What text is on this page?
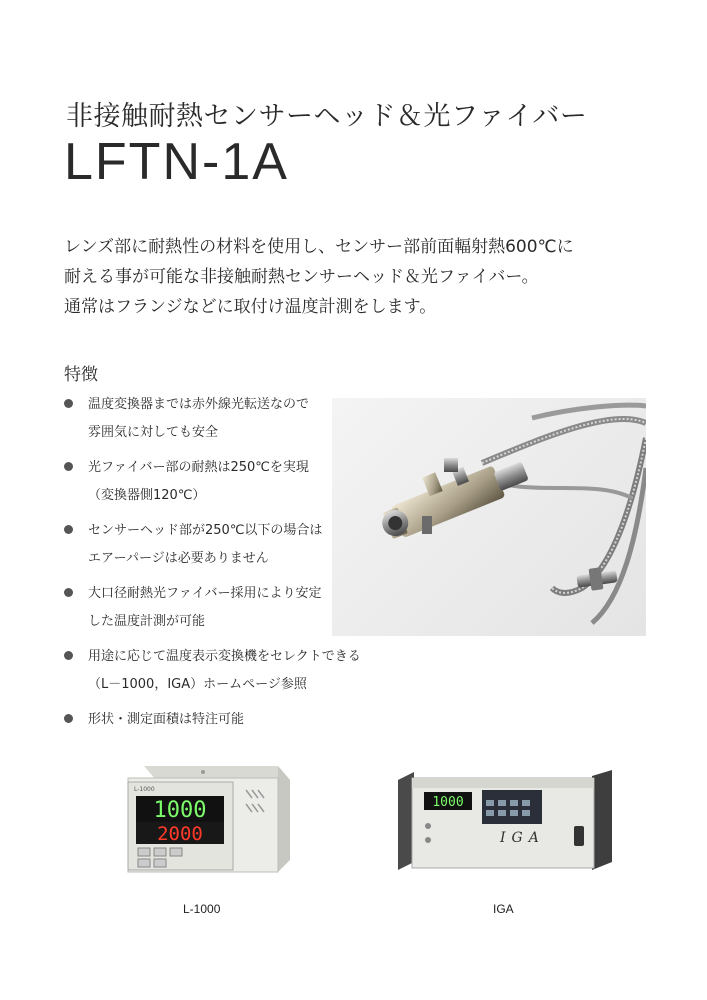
非接触耐熱センサーヘッド＆光ファイバー
LFTN-1A
レンズ部に耐熱性の材料を使用し、センサー部前面輻射熱600℃に
耐える事が可能な非接触耐熱センサーヘッド＆光ファイバー。
通常はフランジなどに取付け温度計測をします。
特徴
温度変換器までは赤外線光転送なので
雰囲気に対しても安全
光ファイバー部の耐熱は250℃を実現
（変換器側120℃）
センサーヘッド部が250℃以下の場合は
エアーパージは必要ありません
大口径耐熱光ファイバー採用により安定
した温度計測が可能
用途に応じて温度表示変換機をセレクトできる
（L－1000，IGA）ホームページ参照
形状・測定面積は特注可能
1000
2000
L-1000
1000
IGA
L-1000	IGA
